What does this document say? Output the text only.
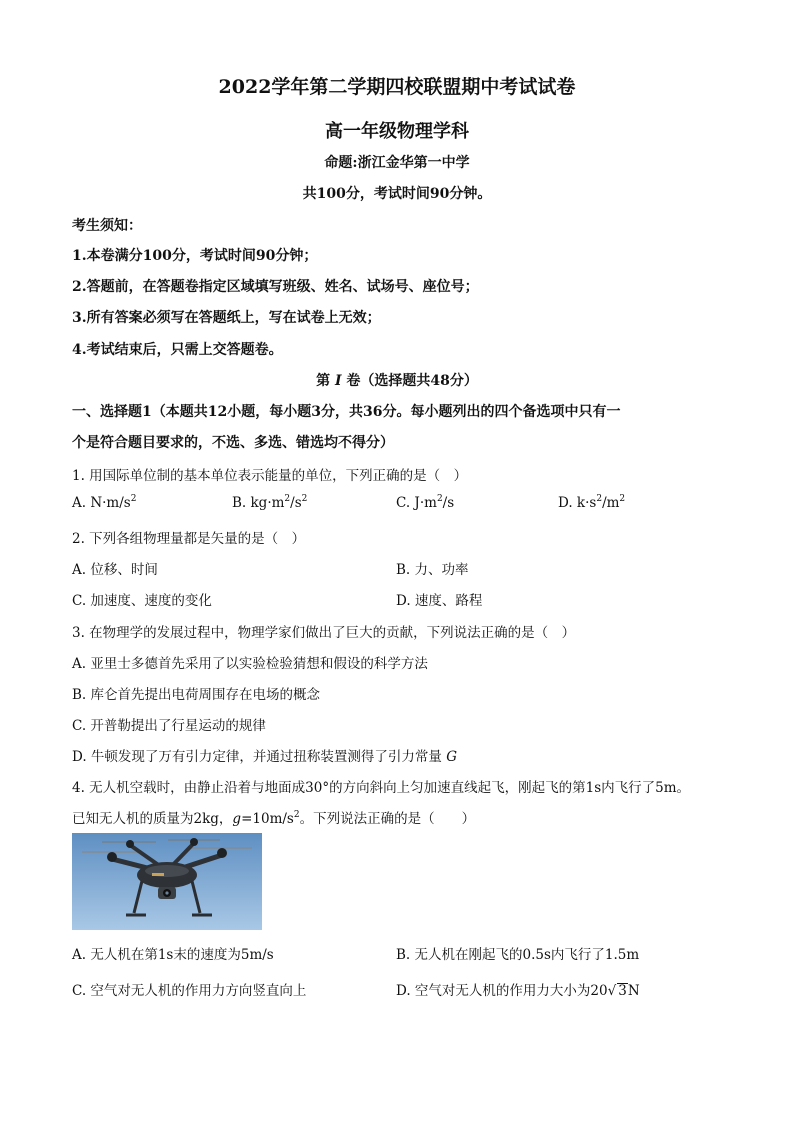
2022学年第二学期四校联盟期中考试试卷
高一年级物理学科
命题:浙江金华第一中学
共100分，考试时间90分钟。
考生须知：
1.本卷满分100分，考试时间90分钟；
2.答题前，在答题卷指定区域填写班级、姓名、试场号、座位号；
3.所有答案必须写在答题纸上，写在试卷上无效；
4.考试结束后，只需上交答题卷。
第 I 卷（选择题共48分）
一、选择题1（本题共12小题，每小题3分，共36分。每小题列出的四个备选项中只有一
个是符合题目要求的，不选、多选、错选均不得分）
1. 用国际单位制的基本单位表示能量的单位，下列正确的是（　）
A. $N\cdot m/s^2$	B. $kg\cdot m^2/s^2$	C. $J\cdot m^2/s$	D. $k\cdot s^2/m^2$
2. 下列各组物理量都是矢量的是（　）
A. 位移、时间	B. 力、功率
C. 加速度、速度的变化	D. 速度、路程
3. 在物理学的发展过程中，物理学家们做出了巨大的贡献，下列说法正确的是（　）
A. 亚里士多德首先采用了以实验检验猜想和假设的科学方法
B. 库仑首先提出电荷周围存在电场的概念
C. 开普勒提出了行星运动的规律
D. 牛顿发现了万有引力定律，并通过扭称装置测得了引力常量 G
4. 无人机空载时，由静止沿着与地面成30°的方向斜向上匀加速直线起飞，刚起飞的第1s内飞行了5m。
已知无人机的质量为2kg，$g=10m/s^2$。下列说法正确的是（　　）
A. 无人机在第1s末的速度为5m/s	B. 无人机在刚起飞的0.5s内飞行了1.5m
C. 空气对无人机的作用力方向竖直向上	D. 空气对无人机的作用力大小为20√ 3N
